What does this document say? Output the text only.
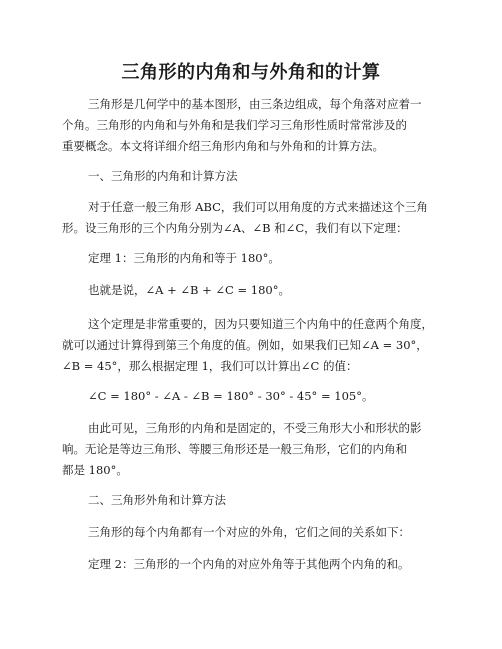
三角形的内角和与外角和的计算
三角形是几何学中的基本图形，由三条边组成，每个角落对应着一
个角。三角形的内角和与外角和是我们学习三角形性质时常常涉及的
重要概念。本文将详细介绍三角形内角和与外角和的计算方法。
一、三角形的内角和计算方法
对于任意一般三角形 ABC，我们可以用角度的方式来描述这个三角
形。设三角形的三个内角分别为∠A、∠B 和∠C，我们有以下定理：
定理 1：三角形的内角和等于 180°。
也就是说，∠A + ∠B + ∠C = 180°。
这个定理是非常重要的，因为只要知道三个内角中的任意两个角度，
就可以通过计算得到第三个角度的值。例如，如果我们已知∠A = 30°，
∠B = 45°，那么根据定理 1，我们可以计算出∠C 的值：
∠C = 180° - ∠A - ∠B = 180° - 30° - 45° = 105°。
由此可见，三角形的内角和是固定的，不受三角形大小和形状的影
响。无论是等边三角形、等腰三角形还是一般三角形，它们的内角和
都是 180°。
二、三角形外角和计算方法
三角形的每个内角都有一个对应的外角，它们之间的关系如下：
定理 2：三角形的一个内角的对应外角等于其他两个内角的和。
